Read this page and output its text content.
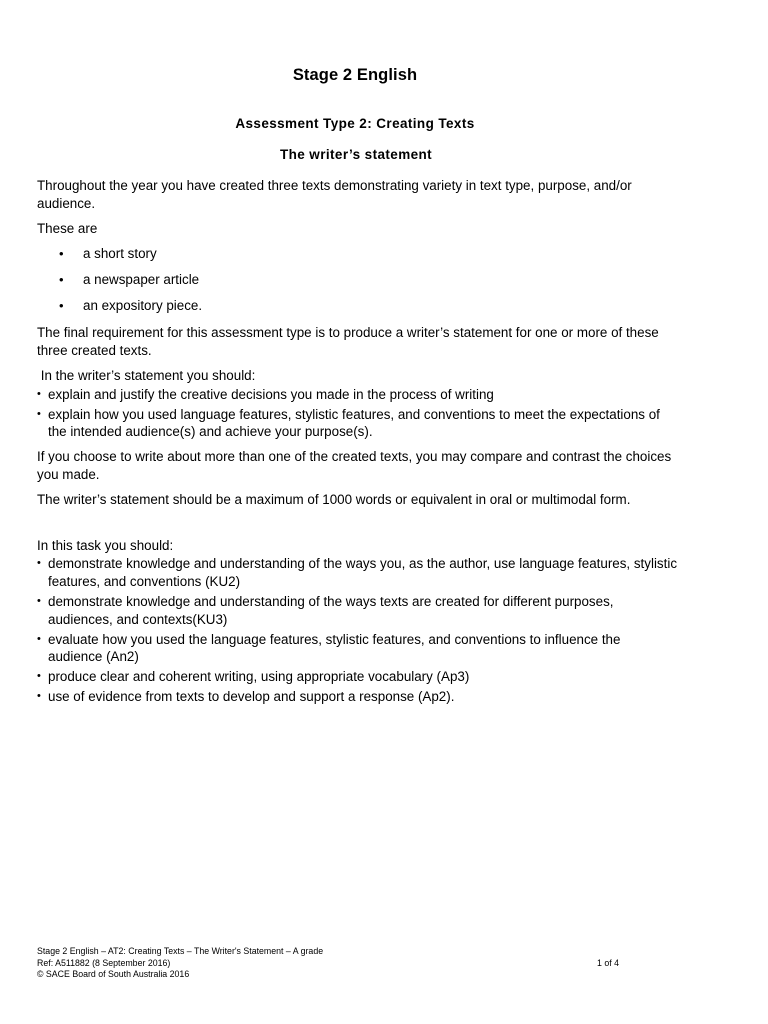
Stage 2 English
Assessment Type 2: Creating Texts
The writer’s statement

Throughout the year you have created three texts demonstrating variety in text type, purpose, and/or audience.

These are

• a short story
• a newspaper article
• an expository piece.

The final requirement for this assessment type is to produce a writer’s statement for one or more of these three created texts.

In the writer’s statement you should:

• explain and justify the creative decisions you made in the process of writing
• explain how you used language features, stylistic features, and conventions to meet the expectations of the intended audience(s) and achieve your purpose(s).

If you choose to write about more than one of the created texts, you may compare and contrast the choices you made.

The writer’s statement should be a maximum of 1000 words or equivalent in oral or multimodal form.

In this task you should:

• demonstrate knowledge and understanding of the ways you, as the author, use language features, stylistic features, and conventions (KU2)
• demonstrate knowledge and understanding of the ways texts are created for different purposes, audiences, and contexts(KU3)
• evaluate how you used the language features, stylistic features, and conventions to influence the audience (An2)
• produce clear and coherent writing, using appropriate vocabulary (Ap3)
• use of evidence from texts to develop and support a response (Ap2).
Stage 2 English – AT2: Creating Texts – The Writer's Statement – A grade
Ref: A511882 (8 September 2016)	1 of 4
© SACE Board of South Australia 2016
